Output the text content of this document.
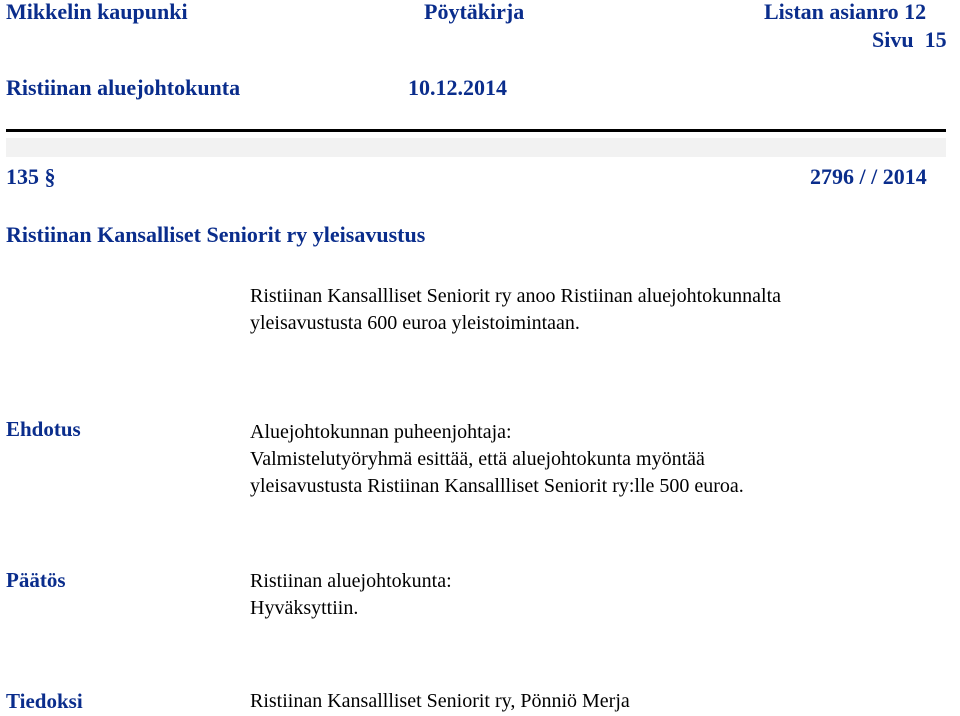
Mikkelin kaupunki	Pöytäkirja	Listan asianro 12
Sivu  15
Ristiinan aluejohtokunta	10.12.2014
135 §	2796 / / 2014
Ristiinan Kansalliset Seniorit ry yleisavustus
Ristiinan Kansallliset Seniorit ry anoo Ristiinan aluejohtokunnalta
yleisavustusta 600 euroa yleistoimintaan.
Ehdotus	Aluejohtokunnan puheenjohtaja:
Valmistelutyöryhmä esittää, että aluejohtokunta myöntää
yleisavustusta Ristiinan Kansallliset Seniorit ry:lle 500 euroa.
Päätös	Ristiinan aluejohtokunta:
Hyväksyttiin.
Tiedoksi	Ristiinan Kansallliset Seniorit ry, Pönniö Merja
